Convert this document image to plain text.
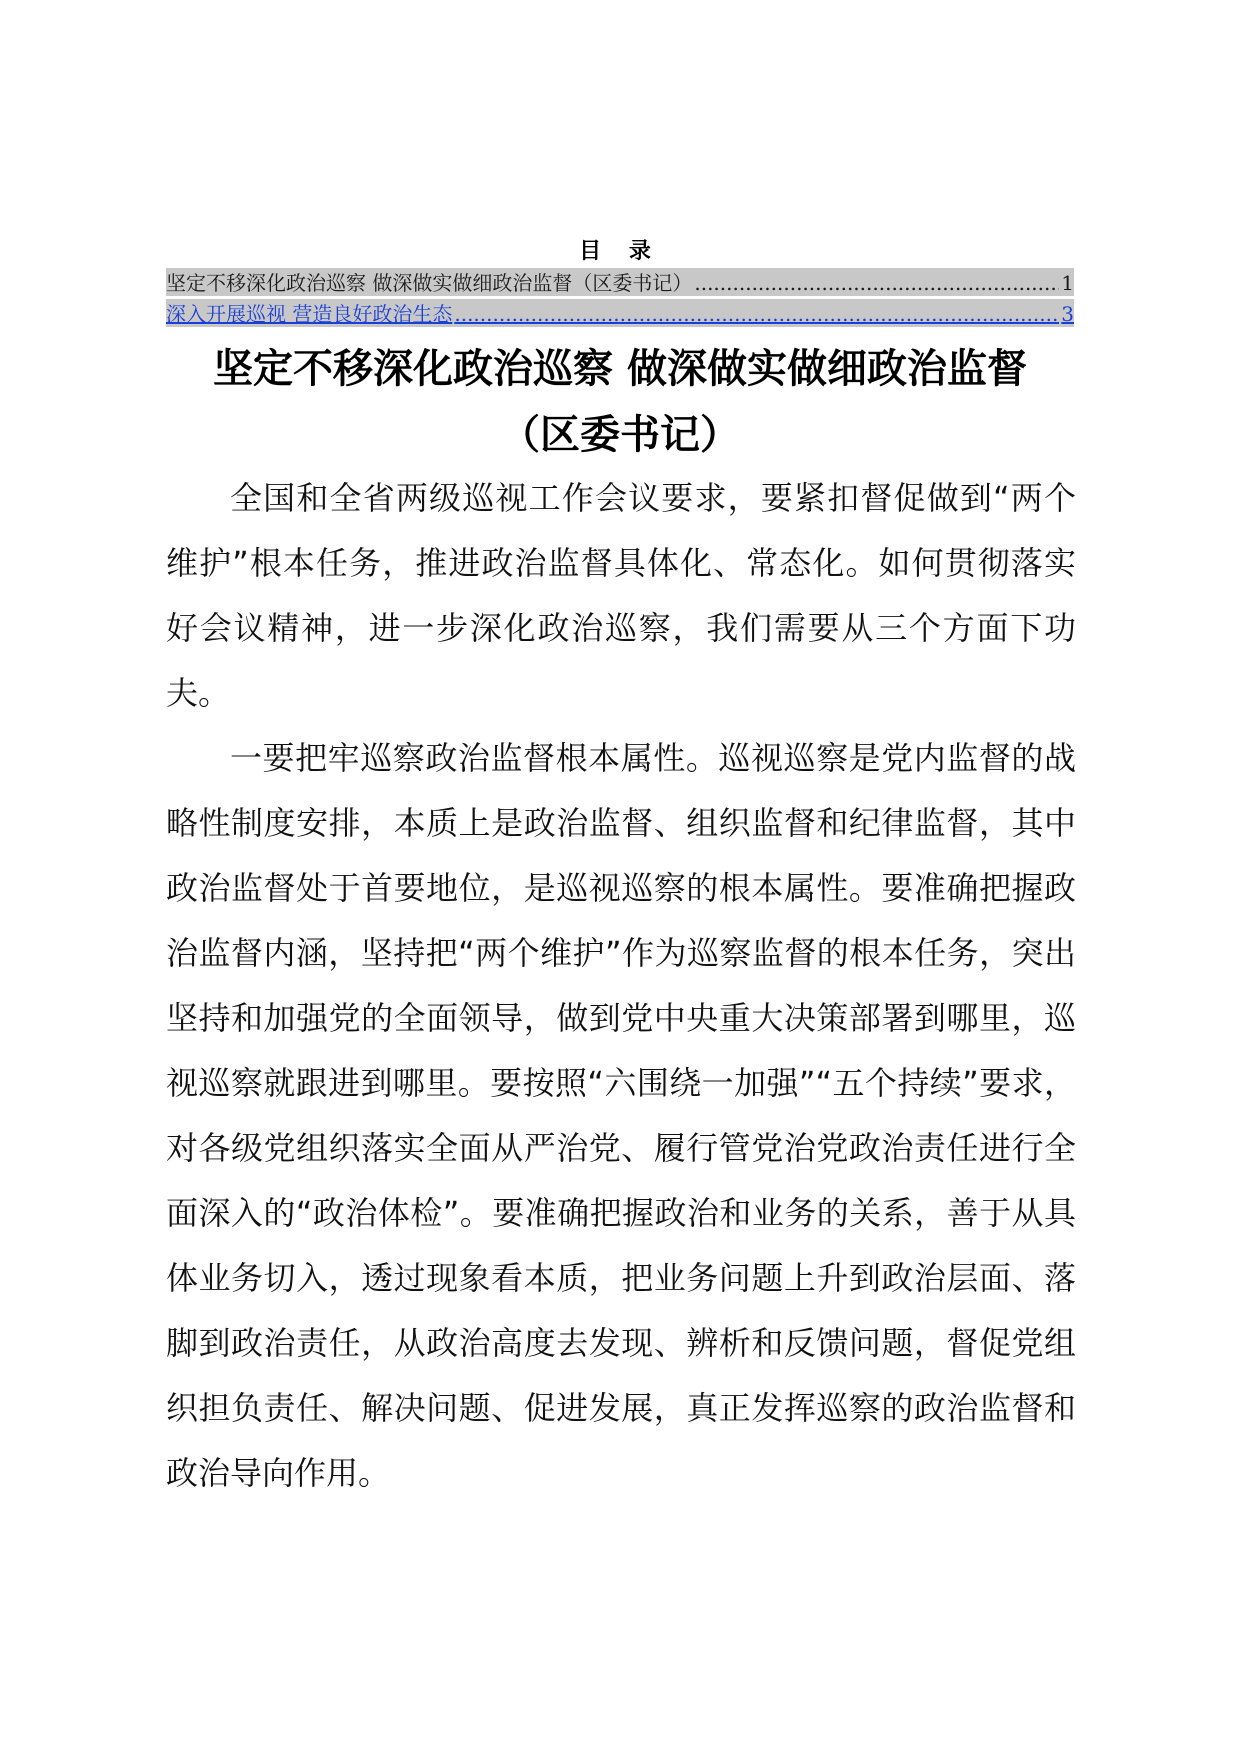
目 录
坚定不移深化政治巡察 做深做实做细政治监督（区委书记） .....	1
深入开展巡视 营造良好政治生态 .....	3
坚定不移深化政治巡察 做深做实做细政治监督
（区委书记）

全国和全省两级巡视工作会议要求，要紧扣督促做到“两个维护”根本任务，推进政治监督具体化、常态化。如何贯彻落实好会议精神，进一步深化政治巡察，我们需要从三个方面下功夫。

一要把牢巡察政治监督根本属性。巡视巡察是党内监督的战略性制度安排，本质上是政治监督、组织监督和纪律监督，其中政治监督处于首要地位，是巡视巡察的根本属性。要准确把握政治监督内涵，坚持把“两个维护”作为巡察监督的根本任务，突出坚持和加强党的全面领导，做到党中央重大决策部署到哪里，巡视巡察就跟进到哪里。要按照“六围绕一加强”“五个持续”要求，对各级党组织落实全面从严治党、履行管党治党政治责任进行全面深入的“政治体检”。要准确把握政治和业务的关系，善于从具体业务切入，透过现象看本质，把业务问题上升到政治层面、落脚到政治责任，从政治高度去发现、辨析和反馈问题，督促党组织担负责任、解决问题、促进发展，真正发挥巡察的政治监督和政治导向作用。
